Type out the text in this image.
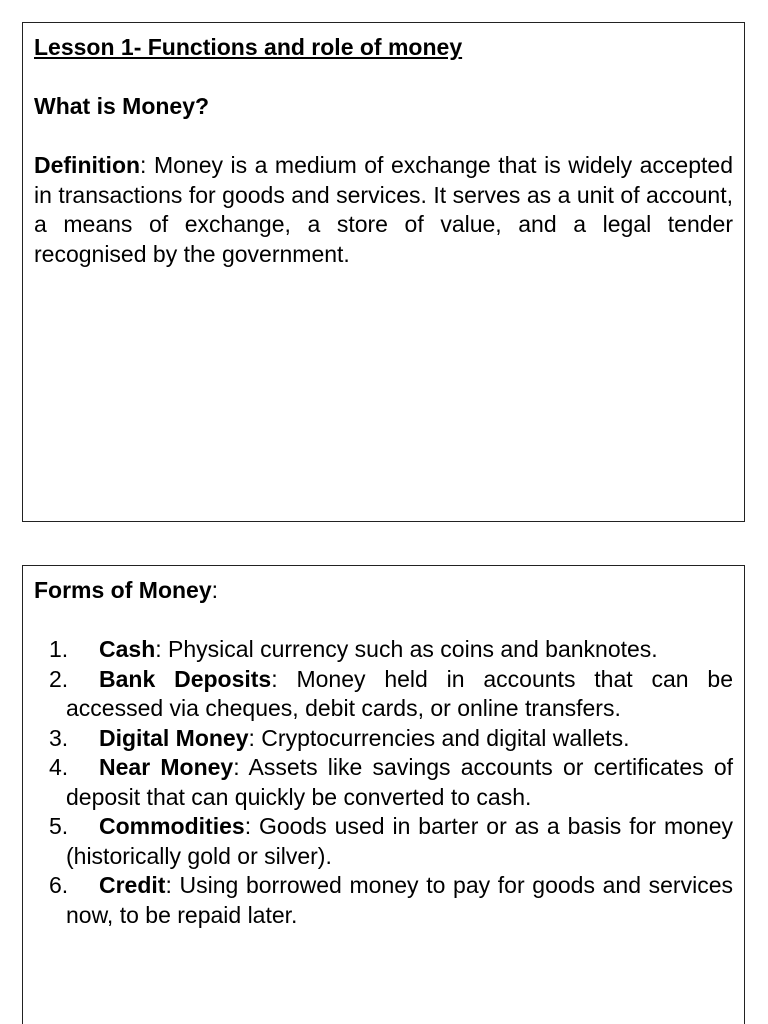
Lesson 1- Functions and role of money
What is Money?

Definition: Money is a medium of exchange that is widely accepted in transactions for goods and services. It serves as a unit of account, a means of exchange, a store of value, and a legal tender recognised by the government.

Forms of Money:
1. Cash: Physical currency such as coins and banknotes.
2. Bank Deposits: Money held in accounts that can be accessed via cheques, debit cards, or online transfers.
3. Digital Money: Cryptocurrencies and digital wallets.
4. Near Money: Assets like savings accounts or certificates of deposit that can quickly be converted to cash.
5. Commodities: Goods used in barter or as a basis for money (historically gold or silver).
6. Credit: Using borrowed money to pay for goods and services now, to be repaid later.
